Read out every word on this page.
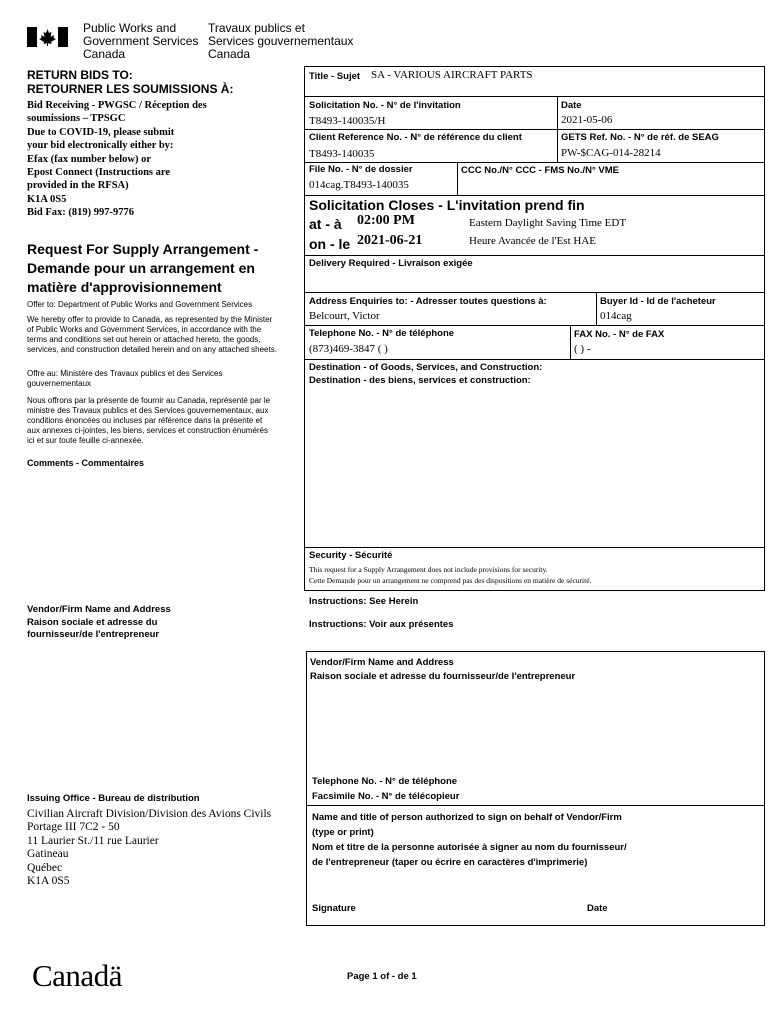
Public Works and
Government Services
Canada
Travaux publics et
Services gouvernementaux
Canada
RETURN BIDS TO:
RETOURNER LES SOUMISSIONS À:
Bid Receiving - PWGSC / Réception des
soumissions – TPSGC
Due to COVID-19, please submit
your bid electronically either by:
Efax (fax number below) or
Epost Connect (Instructions are
provided in the RFSA)
K1A 0S5
Bid Fax: (819) 997-9776
Request For Supply Arrangement -
Demande pour un arrangement en
matière d'approvisionnement
Offer to: Department of Public Works and Government Services
We hereby offer to provide to Canada, as represented by the Minister
of Public Works and Government Services, in accordance with the
terms and conditions set out herein or attached hereto, the goods,
services, and construction detailed herein and on any attached sheets.
Offre au: Ministère des Travaux publics et des Services
gouvernementaux
Nous offrons par la présente de fournir au Canada, représenté par le
ministre des Travaux publics et des Services gouvernementaux, aux
conditions énoncées ou incluses par référence dans la présente et
aux annexes ci-jointes, les biens, services et construction énumérés
ici et sur toute feuille ci-annexée.
Comments - Commentaires
Vendor/Firm Name and Address
Raison sociale et adresse du
fournisseur/de l'entrepreneur
Issuing Office - Bureau de distribution
Civilian Aircraft Division/Division des Avions Civils
Portage III 7C2 - 50
11 Laurier St./11 rue Laurier
Gatineau
Québec
K1A 0S5
Title - Sujet SA - VARIOUS AIRCRAFT PARTS
Solicitation No. - N° de l'invitation
T8493-140035/H
Date
2021-05-06
Client Reference No. - N° de référence du client
T8493-140035
GETS Ref. No. - N° de réf. de SEAG
PW-$CAG-014-28214
File No. - N° de dossier
014cag.T8493-140035
CCC No./N° CCC - FMS No./N° VME
Solicitation Closes - L'invitation prend fin
at - à 02:00 PM	Eastern Daylight Saving Time EDT
on - le 2021-06-21	Heure Avancée de l'Est HAE
Delivery Required - Livraison exigée
Address Enquiries to: - Adresser toutes questions à:
Belcourt, Victor
Buyer Id - Id de l'acheteur
014cag
Telephone No. - N° de téléphone
(873)469-3847 ( )
FAX No. - N° de FAX
( ) -
Destination - of Goods, Services, and Construction:
Destination - des biens, services et construction:
Security - Sécurité
This request for a Supply Arrangement does not include provisions for security.
Cette Demande pour un arrangement ne comprend pas des dispositions en matière de sécurité.
Instructions: See Herein
Instructions: Voir aux présentes
Vendor/Firm Name and Address
Raison sociale et adresse du fournisseur/de l'entrepreneur
Telephone No. - N° de téléphone
Facsimile No. - N° de télécopieur
Name and title of person authorized to sign on behalf of Vendor/Firm
(type or print)
Nom et titre de la personne autorisée à signer au nom du fournisseur/
de l'entrepreneur (taper ou écrire en caractères d'imprimerie)
Signature	Date
Canadä	Page 1 of - de 1
